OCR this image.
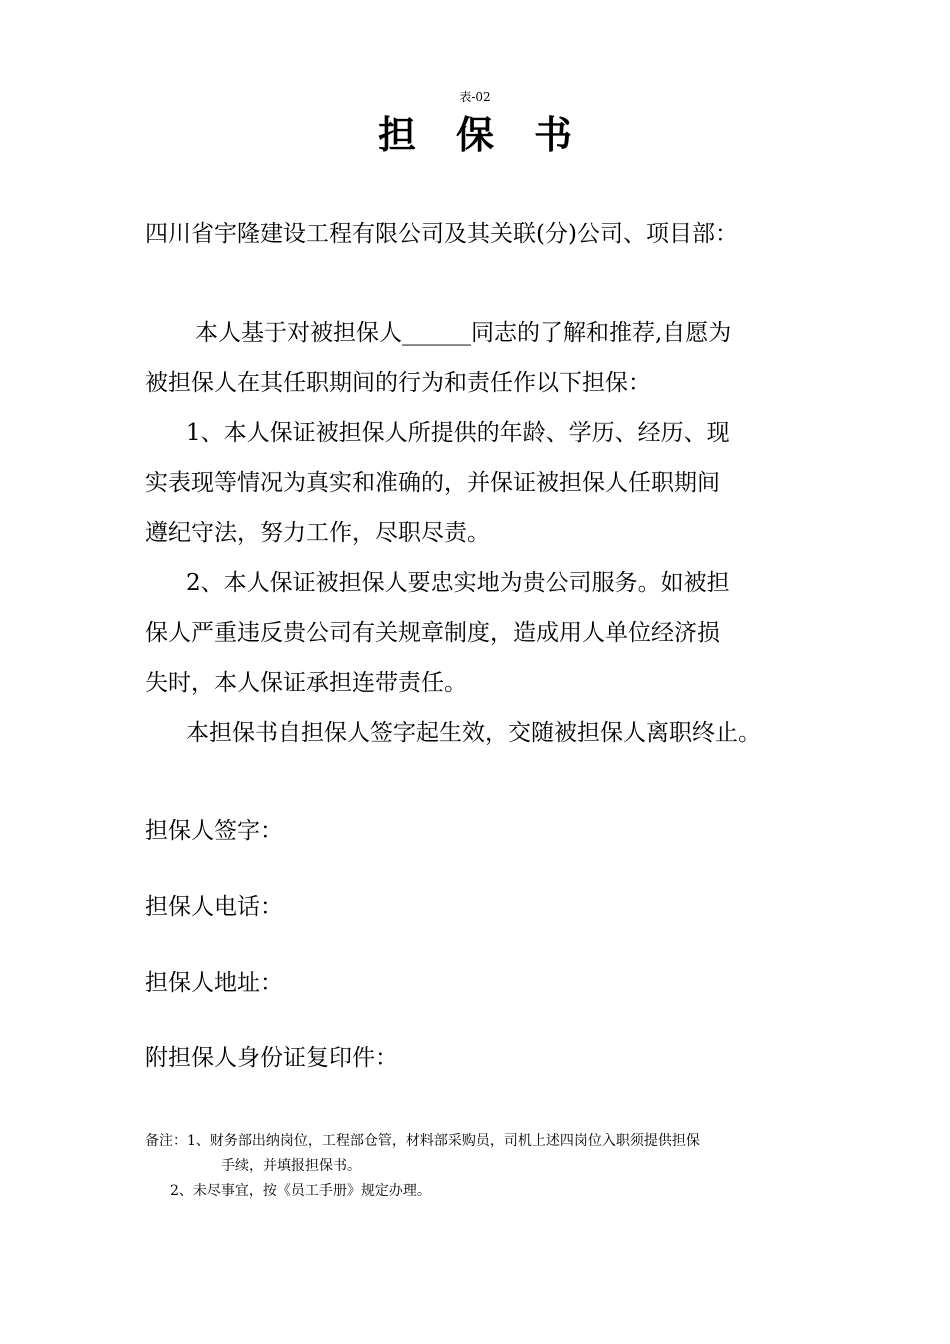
表-02
担保书
四川省宇隆建设工程有限公司及其关联(分)公司、项目部：
本人基于对被担保人______同志的了解和推荐,自愿为
被担保人在其任职期间的行为和责任作以下担保：
1、本人保证被担保人所提供的年龄、学历、经历、现
实表现等情况为真实和准确的，并保证被担保人任职期间
遵纪守法，努力工作，尽职尽责。
2、本人保证被担保人要忠实地为贵公司服务。如被担
保人严重违反贵公司有关规章制度，造成用人单位经济损
失时，本人保证承担连带责任。
本担保书自担保人签字起生效，交随被担保人离职终止。
担保人签字：
担保人电话：
担保人地址：
附担保人身份证复印件：
备注：1、财务部出纳岗位，工程部仓管，材料部采购员，司机上述四岗位入职须提供担保
手续，并填报担保书。
2、未尽事宜，按《员工手册》规定办理。
